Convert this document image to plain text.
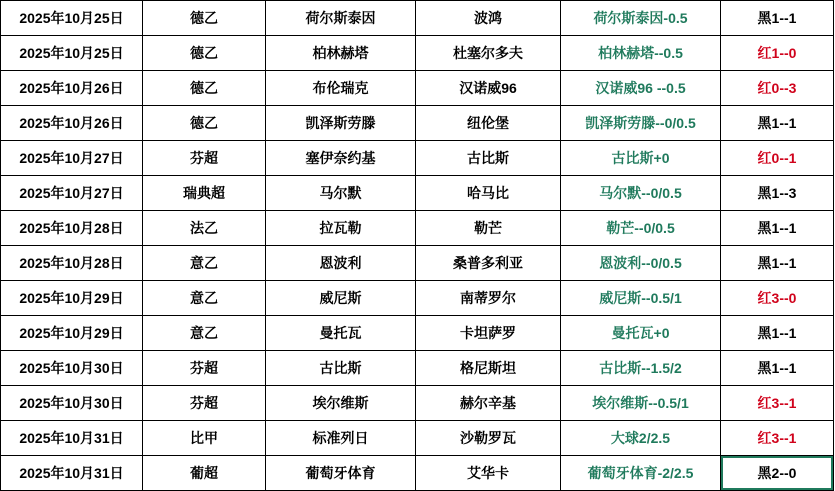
2025年10月25日	德乙	荷尔斯泰因	波鸿	荷尔斯泰因-0.5	黑1--1
2025年10月25日	德乙	柏林赫塔	杜塞尔多夫	柏林赫塔--0.5	红1--0
2025年10月26日	德乙	布伦瑞克	汉诺威96	汉诺威96 --0.5	红0--3
2025年10月26日	德乙	凯泽斯劳滕	纽伦堡	凯泽斯劳滕--0/0.5	黑1--1
2025年10月27日	芬超	塞伊奈约基	古比斯	古比斯+0	红0--1
2025年10月27日	瑞典超	马尔默	哈马比	马尔默--0/0.5	黑1--3
2025年10月28日	法乙	拉瓦勒	勒芒	勒芒--0/0.5	黑1--1
2025年10月28日	意乙	恩波利	桑普多利亚	恩波利--0/0.5	黑1--1
2025年10月29日	意乙	威尼斯	南蒂罗尔	威尼斯--0.5/1	红3--0
2025年10月29日	意乙	曼托瓦	卡坦萨罗	曼托瓦+0	黑1--1
2025年10月30日	芬超	古比斯	格尼斯坦	古比斯--1.5/2	黑1--1
2025年10月30日	芬超	埃尔维斯	赫尔辛基	埃尔维斯--0.5/1	红3--1
2025年10月31日	比甲	标准列日	沙勒罗瓦	大球2/2.5	红3--1
2025年10月31日	葡超	葡萄牙体育	艾华卡	葡萄牙体育-2/2.5	黑2--0
